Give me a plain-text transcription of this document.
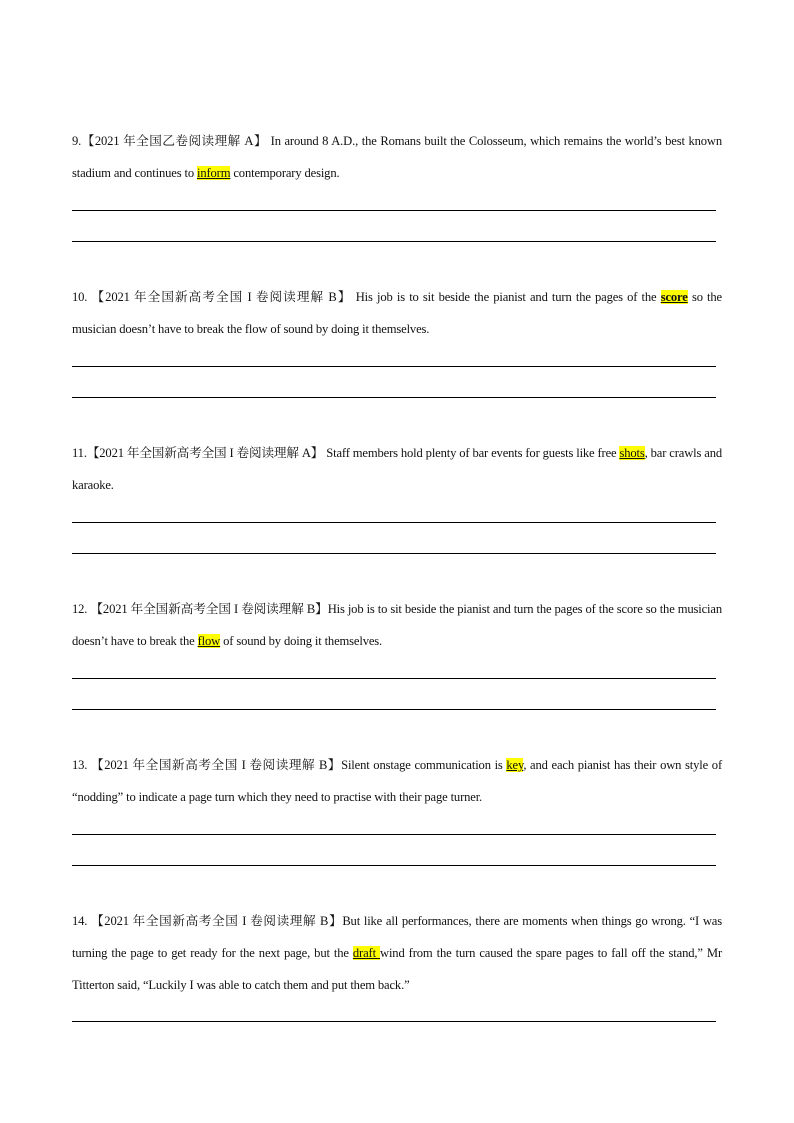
9.【2021 年全国乙卷阅读理解 A】 In around 8 A.D., the Romans built the Colosseum, which remains the world’s best known stadium and continues to inform contemporary design.
10. 【2021 年全国新高考全国 I 卷阅读理解 B】 His job is to sit beside the pianist and turn the pages of the score so the musician doesn’t have to break the flow of sound by doing it themselves.
11.【2021 年全国新高考全国 I 卷阅读理解 A】 Staff members hold plenty of bar events for guests like free shots, bar crawls and karaoke.
12. 【2021 年全国新高考全国 I 卷阅读理解 B】His job is to sit beside the pianist and turn the pages of the score so the musician doesn’t have to break the flow of sound by doing it themselves.
13. 【2021 年全国新高考全国 I 卷阅读理解 B】Silent onstage communication is key, and each pianist has their own style of “nodding” to indicate a page turn which they need to practise with their page turner.
14. 【2021 年全国新高考全国 I 卷阅读理解 B】But like all performances, there are moments when things go wrong. “I was turning the page to get ready for the next page, but the draft wind from the turn caused the spare pages to fall off the stand,” Mr Titterton said, “Luckily I was able to catch them and put them back.”
